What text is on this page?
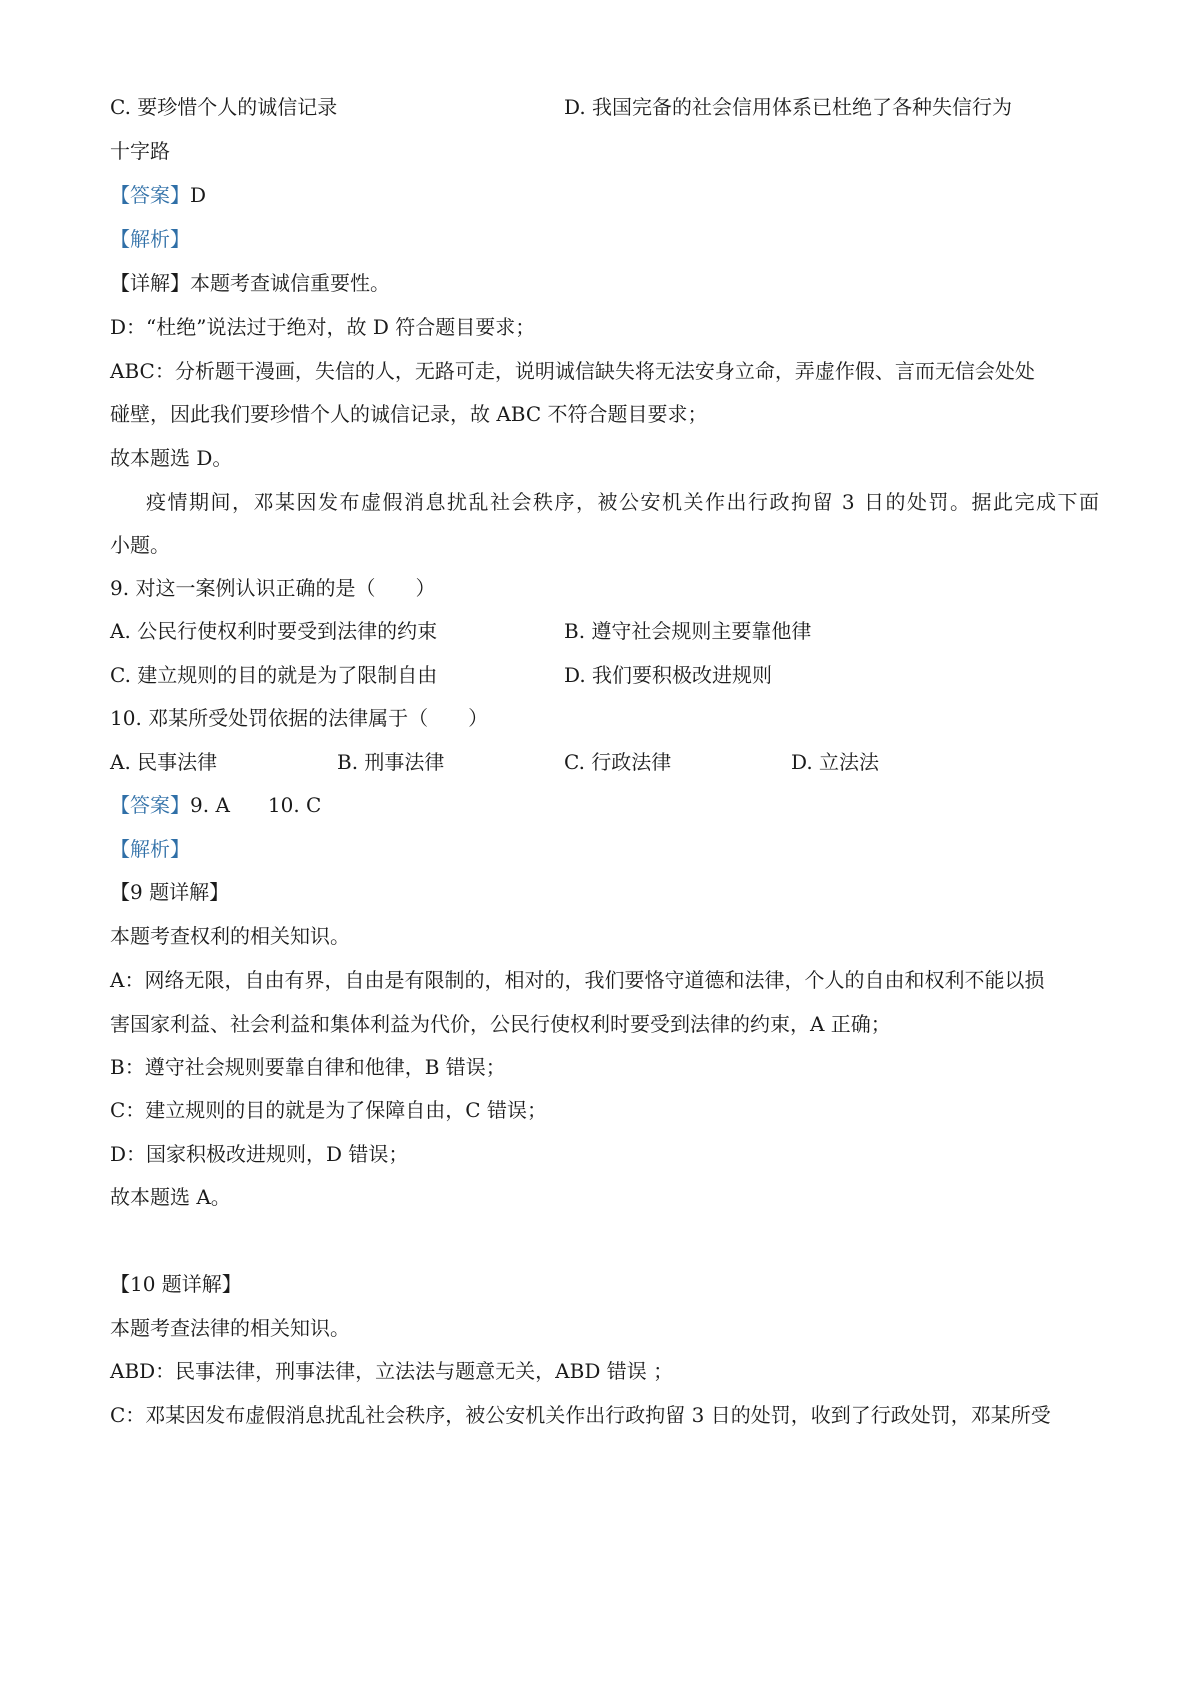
C. 要珍惜个人的诚信记录	D. 我国完备的社会信用体系已杜绝了各种失信行为
十字路
【答案】D
【解析】
【详解】本题考查诚信重要性。
D：“杜绝”说法过于绝对，故 D 符合题目要求；
ABC：分析题干漫画，失信的人，无路可走，说明诚信缺失将无法安身立命，弄虚作假、言而无信会处处
碰壁，因此我们要珍惜个人的诚信记录，故 ABC 不符合题目要求；
故本题选 D。
疫情期间，邓某因发布虚假消息扰乱社会秩序，被公安机关作出行政拘留 3 日的处罚。据此完成下面
小题。
9. 对这一案例认识正确的是（　　）
A. 公民行使权利时要受到法律的约束	B. 遵守社会规则主要靠他律
C. 建立规则的目的就是为了限制自由	D. 我们要积极改进规则
10. 邓某所受处罚依据的法律属于（　　）
A. 民事法律	B. 刑事法律	C. 行政法律	D. 立法法
【答案】9. A 10. C
【解析】
【9 题详解】
本题考查权利的相关知识。
A：网络无限，自由有界，自由是有限制的，相对的，我们要恪守道德和法律，个人的自由和权利不能以损
害国家利益、社会利益和集体利益为代价，公民行使权利时要受到法律的约束，A 正确；
B：遵守社会规则要靠自律和他律，B 错误；
C：建立规则的目的就是为了保障自由，C 错误；
D：国家积极改进规则，D 错误；
故本题选 A。
【10 题详解】
本题考查法律的相关知识。
ABD：民事法律，刑事法律，立法法与题意无关，ABD 错误 ；
C：邓某因发布虚假消息扰乱社会秩序，被公安机关作出行政拘留 3 日的处罚，收到了行政处罚，邓某所受
